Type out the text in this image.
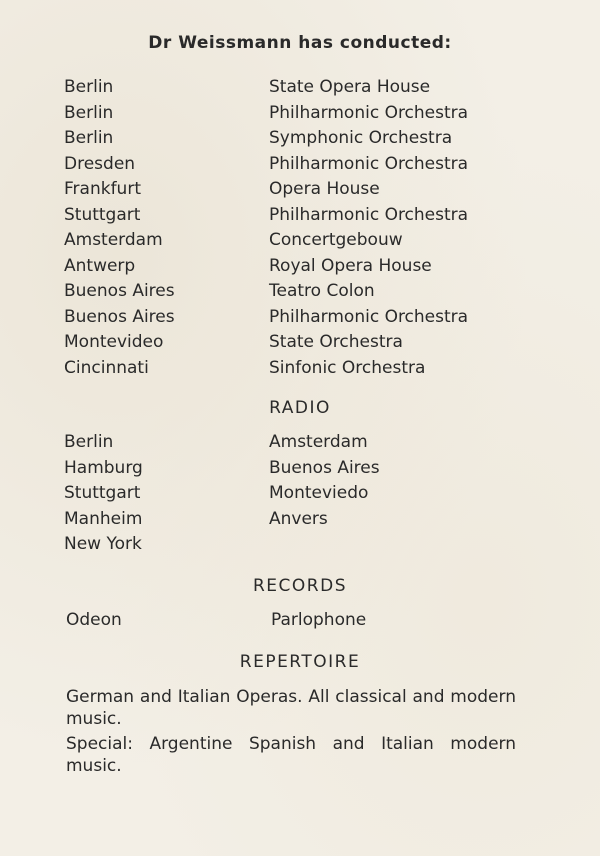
Dr Weissmann has conducted:
Berlin	State Opera House
Berlin	Philharmonic Orchestra
Berlin	Symphonic Orchestra
Dresden	Philharmonic Orchestra
Frankfurt	Opera House
Stuttgart	Philharmonic Orchestra
Amsterdam	Concertgebouw
Antwerp	Royal Opera House
Buenos Aires	Teatro Colon
Buenos Aires	Philharmonic Orchestra
Montevideo	State Orchestra
Cincinnati	Sinfonic Orchestra
RADIO
Berlin	Amsterdam
Hamburg	Buenos Aires
Stuttgart	Monteviedo
Manheim	Anvers
New York
RECORDS
Odeon	Parlophone
REPERTOIRE
German and Italian Operas. All classical and modern music.
Special: Argentine Spanish and Italian modern music.
